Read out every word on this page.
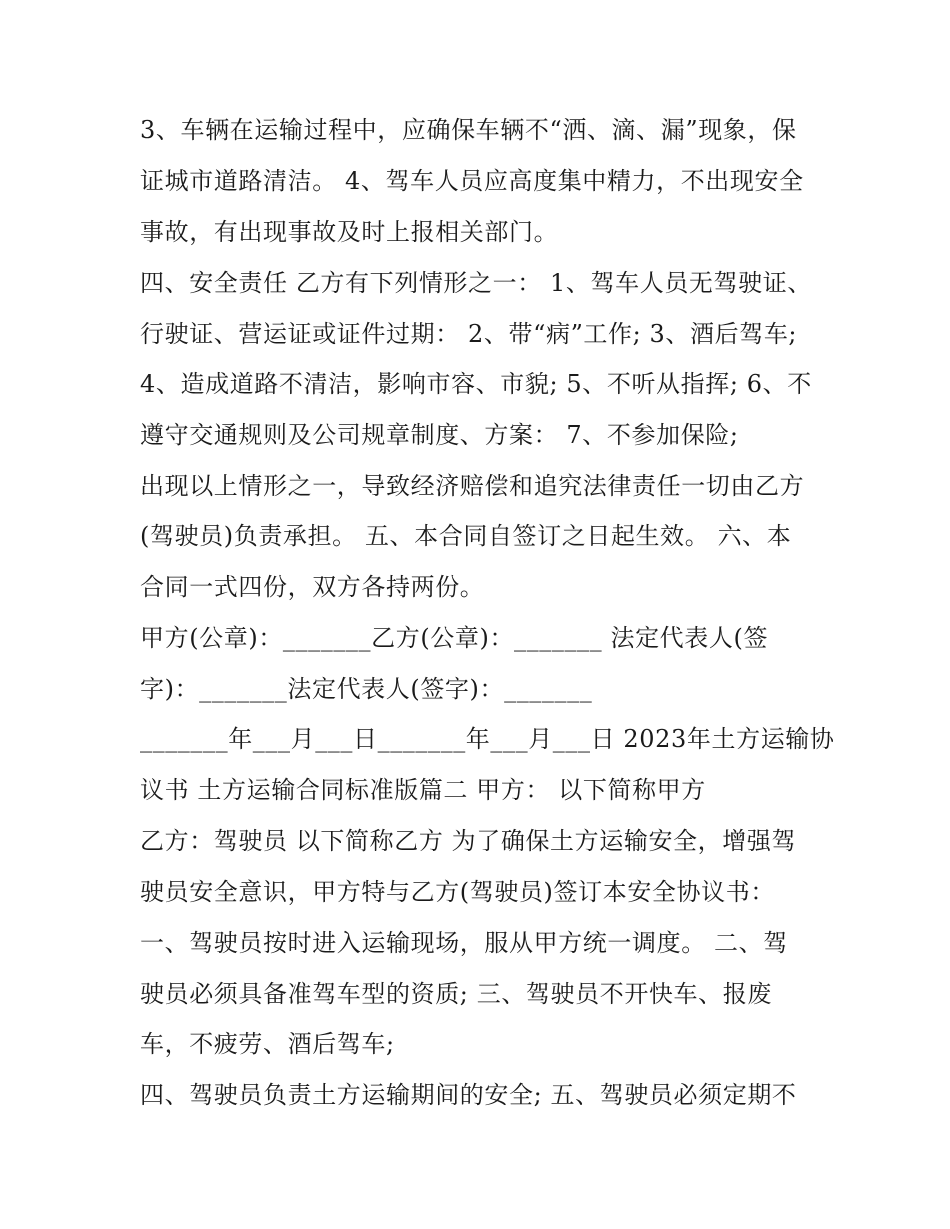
3、车辆在运输过程中，应确保车辆不“洒、滴、漏”现象，保

证城市道路清洁。 4、驾车人员应高度集中精力，不出现安全

事故，有出现事故及时上报相关部门。

四、安全责任 乙方有下列情形之一： 1、驾车人员无驾驶证、

行驶证、营运证或证件过期： 2、带“病”工作; 3、酒后驾车;

4、造成道路不清洁，影响市容、市貌; 5、不听从指挥; 6、不

遵守交通规则及公司规章制度、方案： 7、不参加保险;

出现以上情形之一，导致经济赔偿和追究法律责任一切由乙方

(驾驶员)负责承担。 五、本合同自签订之日起生效。 六、本

合同一式四份，双方各持两份。

甲方(公章)：_______乙方(公章)：_______ 法定代表人(签

字)：_______法定代表人(签字)：_______

_______年___月___日_______年___月___日 2023年土方运输协

议书 土方运输合同标准版篇二 甲方： 以下简称甲方

乙方：驾驶员 以下简称乙方 为了确保土方运输安全，增强驾

驶员安全意识，甲方特与乙方(驾驶员)签订本安全协议书：

一、驾驶员按时进入运输现场，服从甲方统一调度。 二、驾

驶员必须具备准驾车型的资质; 三、驾驶员不开快车、报废

车，不疲劳、酒后驾车;

四、驾驶员负责土方运输期间的安全; 五、驾驶员必须定期不
